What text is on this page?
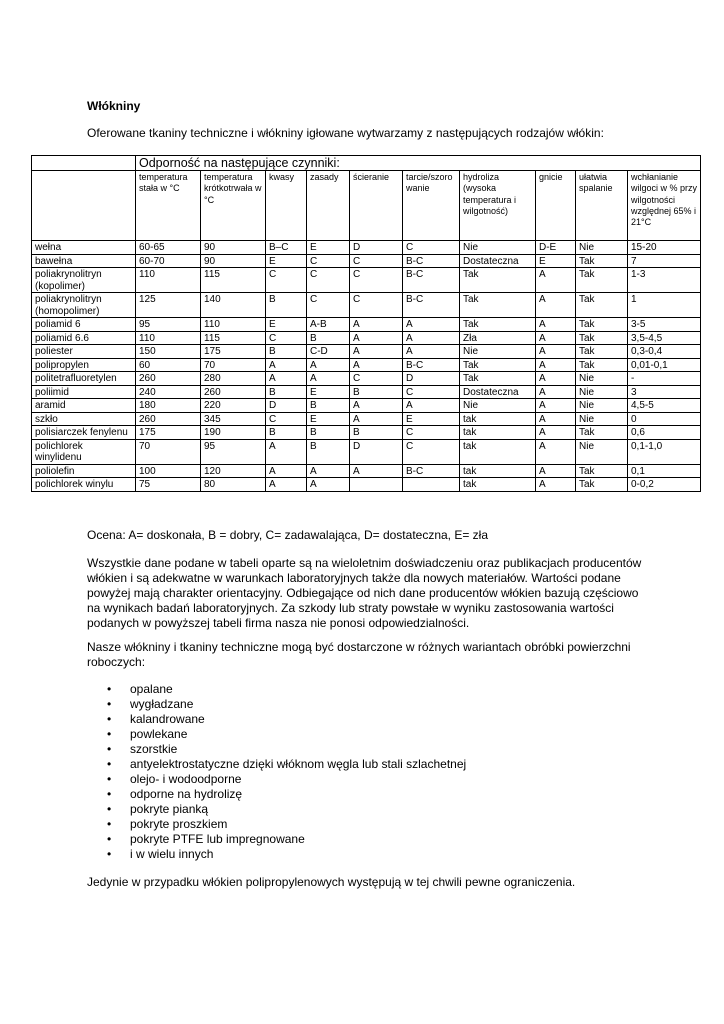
Włókniny
Oferowane tkaniny techniczne i włókniny igłowane wytwarzamy z następujących rodzajów włókin:
	Odporność na następujące czynniki:									
	temperatura stała w °C	temperatura krótkotrwała w °C	kwasy	zasady	ścieranie	tarcie/szorowanie	hydroliza (wysoka temperatura i wilgotność)	gnicie	ułatwia spalanie	wchłanianie wilgoci w % przy wilgotności względnej 65% i 21°C
wełna	60-65	90	B–C	E	D	C	Nie	D-E	Nie	15-20
bawełna	60-70	90	E	C	C	B-C	Dostateczna	E	Tak	7
poliakrynolitryn (kopolimer)	110	115	C	C	C	B-C	Tak	A	Tak	1-3
poliakrynolitryn (homopolimer)	125	140	B	C	C	B-C	Tak	A	Tak	1
poliamid 6	95	110	E	A-B	A	A	Tak	A	Tak	3-5
poliamid 6.6	110	115	C	B	A	A	Zła	A	Tak	3,5-4,5
poliester	150	175	B	C-D	A	A	Nie	A	Tak	0,3-0,4
polipropylen	60	70	A	A	A	B-C	Tak	A	Tak	0,01-0,1
politetrafluoretylen	260	280	A	A	C	D	Tak	A	Nie	-
poliimid	240	260	B	E	B	C	Dostateczna	A	Nie	3
aramid	180	220	D	B	A	A	Nie	A	Nie	4,5-5
szkło	260	345	C	E	A	E	tak	A	Nie	0
polisiarczek fenylenu	175	190	B	B	B	C	tak	A	Tak	0,6
polichlorek winylidenu	70	95	A	B	D	C	tak	A	Nie	0,1-1,0
poliolefin	100	120	A	A	A	B-C	tak	A	Tak	0,1
polichlorek winylu	75	80	A	A			tak	A	Tak	0-0,2

Ocena: A= doskonała, B = dobry, C= zadawalająca, D= dostateczna, E= zła

Wszystkie dane podane w tabeli oparte są na wieloletnim doświadczeniu oraz publikacjach producentów włókien i są adekwatne w warunkach laboratoryjnych także dla nowych materiałów. Wartości podane powyżej mają charakter orientacyjny. Odbiegające od nich dane producentów włókien bazują częściowo na wynikach badań laboratoryjnych. Za szkody lub straty powstałe w wyniku zastosowania wartości podanych w powyższej tabeli firma nasza nie ponosi odpowiedzialności.

Nasze włókniny i tkaniny techniczne mogą być dostarczone w różnych wariantach obróbki powierzchni roboczych:

• opalane
• wygładzane
• kalandrowane
• powlekane
• szorstkie
• antyelektrostatyczne dzięki włóknom węgla lub stali szlachetnej
• olejo- i wodoodporne
• odporne na hydrolizę
• pokryte pianką
• pokryte proszkiem
• pokryte PTFE lub impregnowane
• i w wielu innych

Jedynie w przypadku włókien polipropylenowych występują w tej chwili pewne ograniczenia.
